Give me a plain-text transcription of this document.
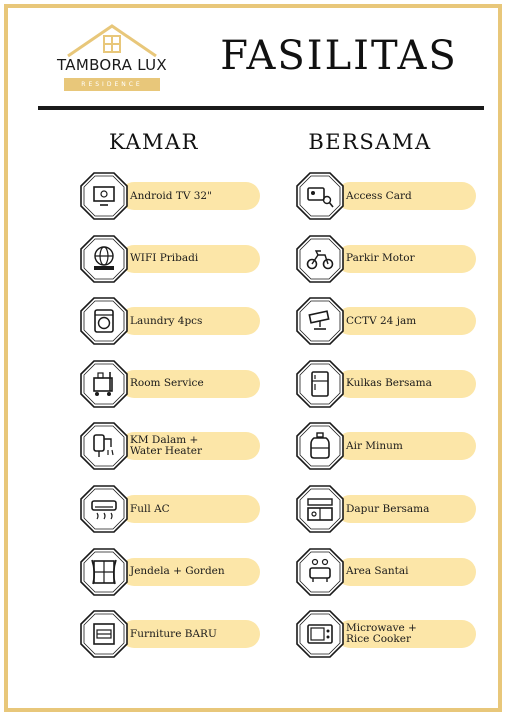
TAMBORA LUX
RESIDENCE
FASILITAS
KAMAR	BERSAMA
Android TV 32"
WIFI Pribadi
Laundry 4pcs
Room Service
KM Dalam +
Water Heater
Full AC
Jendela + Gorden
Furniture BARU
Access Card
Parkir Motor
CCTV 24 jam
Kulkas Bersama
Air Minum
Dapur Bersama
Area Santai
Microwave +
Rice Cooker
